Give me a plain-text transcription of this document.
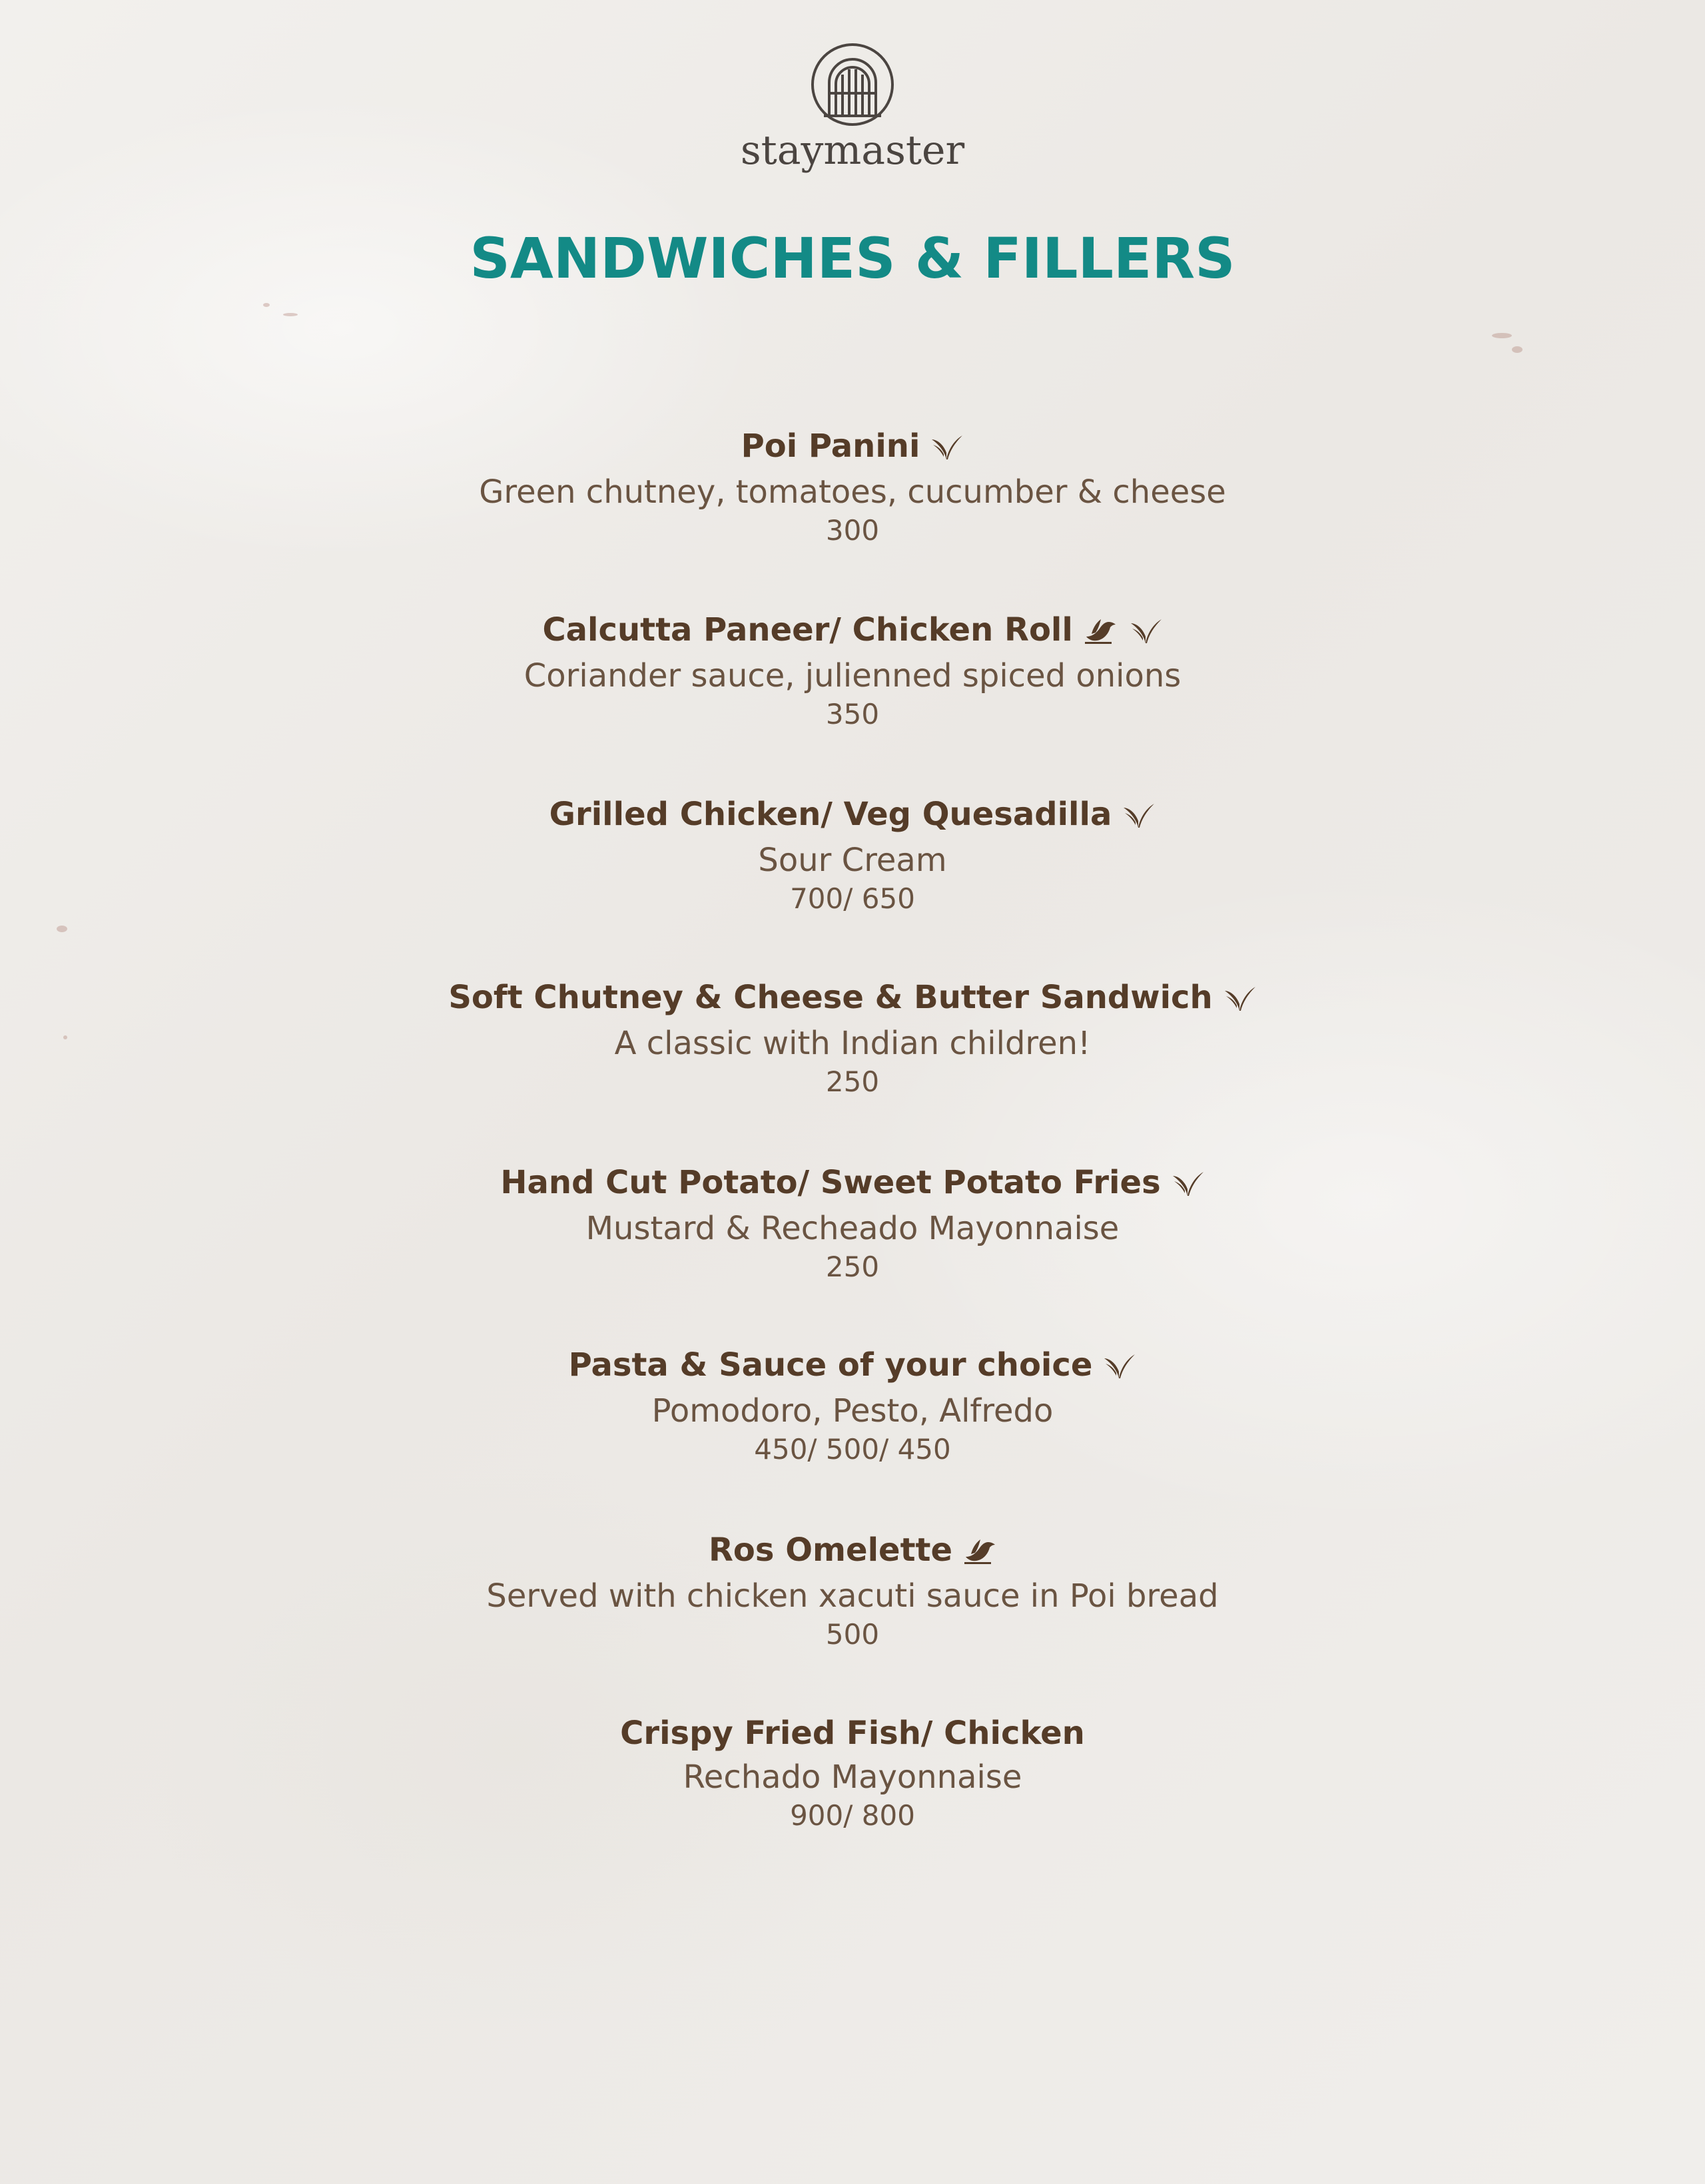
staymaster
SANDWICHES & FILLERS
Poi Panini
Green chutney, tomatoes, cucumber & cheese
300
Calcutta Paneer/ Chicken Roll
Coriander sauce, julienned spiced onions
350
Grilled Chicken/ Veg Quesadilla
Sour Cream
700/ 650
Soft Chutney & Cheese & Butter Sandwich
A classic with Indian children!
250
Hand Cut Potato/ Sweet Potato Fries
Mustard & Recheado Mayonnaise
250
Pasta & Sauce of your choice
Pomodoro, Pesto, Alfredo
450/ 500/ 450
Ros Omelette
Served with chicken xacuti sauce in Poi bread
500
Crispy Fried Fish/ Chicken
Rechado Mayonnaise
900/ 800
